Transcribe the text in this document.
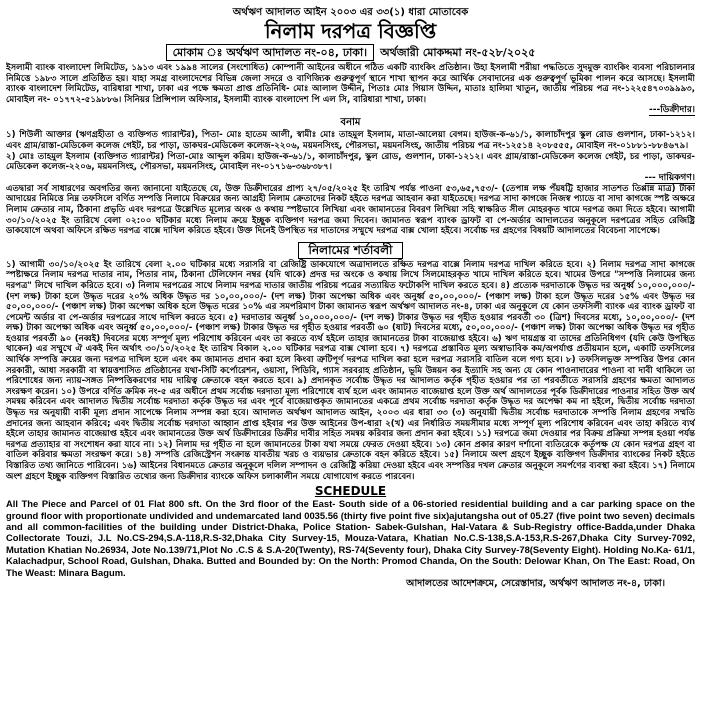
অর্থঋণ আদালত আইন ২০০৩ এর ৩৩(১) ধারা মোতাবেক
নিলাম দরপত্র বিজ্ঞপ্তি
মোকাম ঃ অর্থঋণ আদালত নং-০৪, ঢাকা।	অর্থজারী মোকদ্দমা নং-৫২৮/২০২৫

ইসলামী ব্যাংক বাংলাদেশ লিমিটেড, ১৯১৩ এবং ১৯৯৪ সালের (সংশোধিত) কোম্পানী আইনের অধীনে গঠিত একটি ব্যাংকিং প্রতিষ্ঠান। উহা ইসলামী শরীয়া পদ্ধতিতে সুদমুক্ত ব্যাংকিং ব্যবসা পরিচালনার নিমিত্তে ১৯৮৩ সালে প্রতিষ্ঠিত হয়। যাহা সমগ্র বাংলাদেশের বিভিন্ন জেলা সদরে ও বাণিজ্যিক গুরুত্বপূর্ণ স্থানে শাখা স্থাপন করে আর্থিক সেবাদানের এক গুরুত্বপূর্ণ ভূমিকা পালন করে আসছে। ইসলামী ব্যাংক বাংলাদেশ লিমিটেড, বারিধারা শাখা, ঢাকা এর পক্ষে ক্ষমতা প্রাপ্ত প্রতিনিধি- মোঃ আলাল উদ্দীন, পিতাঃ মোঃ গিয়াস উদ্দিন, মাতাঃ হালিমা খাতুন, জাতীয় পরিচয় পত্র নং-১২২৫৪৭০৩৯৯৯৩, মোবাইল নং- ০১৭৭২-৫১৯৮৮৬। সিনিয়র প্রিন্সিপাল অফিসার, ইসলামী ব্যাংক বাংলাদেশ পি এল সি, বারিধারা শাখা, ঢাকা।

---ডিক্রীদার।
বনাম

১) শিউলী আক্তার (ঋণগ্রহীতা ও ব্যক্তিগত গ্যারান্টর), পিতা- মোঃ হাতেম আলী, স্বামীঃ মোঃ তাহমুল ইসলাম, মাতা-আলেয়া বেগম। হাউজ-ক-৬১/১, কালাচাঁদপুর স্কুল রোড গুলশান, ঢাকা-১২১২। এবং গ্রাম/রাস্তা-মেডিকেল কলেজ গেইট, চর পাড়া, ডাকঘর-মেডিকেল কলেজ-২২০৬, ময়মনসিংহ, পৌরসভা, ময়মনসিংহ, জাতীয় পরিচয় পত্র নং-১২৫১৪ ২০৮৫৫৫, মোবাইল নং-০১৮৮১-৮৮৪৬৭৯।

২) মোঃ তাহমুল ইসলাম (ব্যক্তিগত গ্যারান্টর) পিতা-মোঃ আব্দুল করিম। হাউজ-ক-৬১/১, কালাচাঁদপুর, স্কুল রোড, গুলশান, ঢাকা-১২১২। এবং গ্রাম/রাস্তা-মেডিকেল কলেজ গেইট, চর পাড়া, ডাকঘর-মেডিকেল কলেজ-২২০৬, ময়মনসিংহ, পৌরসভা, ময়মনসিংহ, মোবাইল নং-০১৭১৬-৩৬৮৩৮৭।

--- দায়িকগণ।

এতদ্বারা সর্ব সাধারণের অবগতির জন্য জানানো যাইতেছে যে, উক্ত ডিক্রীদারের প্রাপ্য ২৭/০৫/২০২৫ ইং তারিখ পর্যন্ত পাওনা ৫৩,৬৫,৭৫৩/- (তেপান্ন লক্ষ পঁয়ষট্টি হাজার সাতশত তিপ্পান্ন মাত্র) টাকা আদায়ের নিমিত্তে নিম্ন তফসিলে বর্ণিত সম্পত্তি নিলামে বিক্রয়ের জন্য আগ্রহী নিলাম ক্রেতাদের নিকট হইতে দরপত্র আহবান করা যাইতেছে। দরপত্র সাদা কাগজে নিজস্ব প্যাডে বা সাদা কাগজে স্পষ্ট অক্ষরে নিলাম ক্রেতার নাম, ঠিকানা প্রভৃতি এবং দরপত্রে উল্লেখিত মূল্যের অংক ও কথায় স্পষ্টভাবে লিখিয়া এবং জামানতের বিবরণ লিখিয়া সহি স্বাক্ষরিত সীল মোহরকৃত খামে দরপত্র জমা দিতে হইবে। আগামী ৩০/১০/২০২৫ ইং তারিখে বেলা ০২:০০ ঘটিকার মধ্যে নিলাম ক্রয়ে ইচ্ছুক ব্যক্তিগণ দরপত্র জমা দিবেন। জামানত স্বরূপ ব্যাংক ড্রাফট বা পে-অর্ডার আদালতের অনুকূলে দরপত্রের সহিত রেজিষ্ট্রি ডাকযোগে অথবা অফিসে রক্ষিত দরপত্র বাক্সে দাখিল করিতে হইবে। উক্ত দিনেই উপস্থিত দর দাতাদের সম্মুখে দরপত্র বাক্স খোলা হইবে। সর্বোচ্চ দর গ্রহণের বিষয়টি আদালতের বিবেচনা সাপেক্ষে।

নিলামের শর্তাবলী

১) আগামী ৩০/১০/২০২৫ ইং তারিখে বেলা ২.০০ ঘটিকার মধ্যে সরাসরি বা রেজিষ্ট্রি ডাকযোগে অত্রাদালতে রক্ষিত দরপত্র বাক্সে নিলাম দরপত্র দাখিল করিতে হবে। ২) নিলাম দরপত্র সাদা কাগজে স্পষ্টাক্ষরে নিলাম দরপত্র দাতার নাম, পিতার নাম, ঠিকানা টেলিফোন নম্বর (যদি থাকে) প্রদত্ত দর অংকে ও কথায় লিখে সিলমোহরকৃত খামে দাখিল করিতে হবে। খামের উপরে "সম্পত্তি নিলামের জন্য দরপত্র" লিখে দাখিল করিতে হবে। ৩) নিলাম দরপত্রের সাথে নিলাম দরপত্র দাতার জাতীয় পরিচয় পত্রের সত্যায়িত ফটোকপি দাখিল করতে হবে। ৪) প্রত্যেক দরদাতাকে উদ্ধৃত দর অনুর্ধ্ব ১০,০০০,০০০/- (দশ লক্ষ) টাকা হলে উদ্ধৃত দরের ২০% অধিক উদ্ধৃত দর ১০,০০,০০০/- (দশ লক্ষ) টাকা অপেক্ষা অধিক এবং অনুর্ধ্ব ৫০,০০,০০০/- (পঞ্চাশ লক্ষ) টাকা হলে উদ্ধৃত দরের ১৫% এবং উদ্ধৃত দর ৫০,০০,০০০/- (পঞ্চাশ লক্ষ) টাকা অপেক্ষা অধিক হলে উদ্ধৃত দরের ১০% এর সমপরিমাণ টাকা জামানত স্বরূপ অর্থঋণ আদালত নং-৪, ঢাকা এর অনুকূলে যে কোন তফসিলী ব্যাংক এর ব্যাংক ড্রাফট বা পেমেন্ট অর্ডার বা পে-অর্ডার দরপত্রের সাথে দাখিল করতে হবে। ৫) দরদাতার অনুর্ধ্ব ১০,০০০,০০০/- (দশ লক্ষ) টাকার উদ্ধৃত দর গৃহীত হওয়ার পরবর্তী ৩০ (ত্রিশ) দিবসের মধ্যে, ১০,০০,০০০/- (দশ লক্ষ) টাকা অপেক্ষা অধিক এবং অনুর্ধ্ব ৫০,০০,০০০/- (পঞ্চাশ লক্ষ) টাকার উদ্ধৃত দর গৃহীত হওয়ার পরবর্তী ৬০ (ষাট) দিবসের মধ্যে, ৫০,০০,০০০/- (পঞ্চাশ লক্ষ) টাকা অপেক্ষা অধিক উদ্ধৃত দর গৃহীত হওয়ার পরবর্তী ৯০ (নব্বই) দিবসের মধ্যে সম্পূর্ণ মূল্য পরিশোধ করিবেন এবং তা করতে ব্যর্থ হইলে তাহার জামানতের টাকা বাজেয়াপ্ত হইবে। ৬) ঋণ দায়গ্রস্ত বা তাদের প্রতিনিধিগণ (যদি কেউ উপস্থিত থাকেন) এর সম্মুখে ঐ একই দিন অর্থাৎ ৩০/১০/২০২৫ ইং তারিখ বিকাল ২.০০ ঘটিকার দরপত্র বাক্স খোলা হবে। ৭) দরপত্রে প্রস্তাবিত মূল্য অস্বাভাবিক কম/অপর্যাপ্ত প্রতীয়মান হলে, একাটি তফসিলের আর্থিক সম্পত্তি ক্রয়ের জন্য দরপত্র দাখিল হলে এবং কম জামানত প্রদান করা হলে কিংবা ত্রুটিপূর্ণ দরপত্র দাখিল করা হলে দরপত্র সরাসরি বাতিল বলে গণ্য হবে। ৮) তফসিলভুক্ত সম্পত্তির উপর কোন সরকারী, আধা সরকারী বা স্বায়ত্তশাসিত প্রতিষ্ঠানের যথা-সিটি কর্পোরেশন, ওয়াসা, পিডিবি, গ্যাস সরবরাহ প্রতিষ্ঠান, ভূমি উন্নয়ন কর ইত্যাদি সহ অন্য যে কোন পাওনাদারের পাওনা বা দাবী থাকিলে তা পরিশোধের জন্য ন্যায়-সঙ্গত নিষ্পত্তিকরণের দায় দায়িত্ব ক্রেতাকে বহন করতে হবে। ৯) প্রদানকৃত সর্বোচ্চ উদ্ধৃত দর আদালত কর্তৃক গৃহীত হওয়ার পর তা পরবর্তীতে সরাসরি গ্রহণের ক্ষমতা আদালত সংরক্ষণ করেন। ১০) উপরে বর্ণিত ক্রমিক নং-৫ এর অধীনে প্রথম সর্বোচ্চ দরদাতা মূল্য পরিশোধে ব্যর্থ হলে এবং জামানত বাজেয়াপ্ত হলে উক্ত অর্থ আদালতের পূর্বক ডিক্রীদারের পাওনার সহিত উক্ত অর্থ সমন্বয় করিবেন এবং আদালত দ্বিতীয় সর্বোচ্চ দরদাতা কর্তৃক উদ্ধৃত দর এবং পূর্বে বাজেয়াপ্তকৃত জামানতের একত্রে প্রথম সর্বোচ্চ দরদাতা কর্তৃক উদ্ধৃত দর অপেক্ষা কম না হইলে, দ্বিতীয় সর্বোচ্চ দরদাতা উদ্ধৃত দর অনুযায়ী বাকী মূল্য প্রদান সাপেক্ষে নিলাম সম্পন্ন করা হবে। আদালত অর্থঋণ আদালত আইন, ২০০৩ এর ধারা ৩৩ (৩) অনুযায়ী দ্বিতীয় সর্বোচ্চ দরদাতাকে সম্পত্তি নিলাম গ্রহণের সম্মতি প্রদানের জন্য আহবান করিবে; এবং দ্বিতীয় সর্বোচ্চ দরদাতা আহ্বান প্রাপ্ত হইবার পর উক্ত আইনের উপ-ধারা ২(খ) এর নির্ধারিত সময়সীমার মধ্যে সম্পূর্ণ মূল্য পরিশোধ করিবেন এবং তাহা করিতে ব্যর্থ হইলে তাহার জামানত বাজেয়াপ্ত হইবে এবং জামানতের উক্ত অর্থ ডিক্রীদারের ডিক্রীর দাবীর সহিত সমন্বয় করিবার জন্য প্রদান করা হইবে। ১১) দরপত্রে জমা দেওয়ার পর বিক্রয় প্রক্রিয়া সম্পন্ন হওয়া পর্যন্ত দরপত্র প্রত্যাহার বা সংশোধন করা যাবে না। ১২) নিলাম দর গৃহীত না হলে জামানতের টাকা যথা সময়ে ফেরত দেওয়া হইবে। ১৩) কোন প্রকার কারণ দর্শানো ব্যতিরেকে কর্তৃপক্ষ যে কোন দরপত্র গ্রহণ বা বাতিল করিবার ক্ষমতা সংরক্ষণ করে। ১৪) সম্পত্তি রেজিস্ট্রেশন সংক্রান্ত যাবতীয় খরচ ও ব্যয়ভার ক্রেতাকে বহন করিতে হইবে। ১৫) নিলামে অংশ গ্রহণে ইচ্ছুক ব্যক্তিগণ ডিক্রীদার ব্যাংকের নিকট হইতে বিস্তারিত তথ্য জানিতে পারিবেন। ১৬) আইনের বিধানমতে ক্রেতার অনুকূলে দলিল সম্পাদন ও রেজিষ্ট্রি করিয়া দেওয়া হইবে এবং সম্পত্তির দখল ক্রেতার অনুকূলে সমর্পণের ব্যবস্থা করা হইবে। ১৭) নিলামে অংশ গ্রহণে ইচ্ছুক ব্যক্তিগণ বিস্তারিত তথ্যের জন্য ডিক্রীদার ব্যাংকে অফিস চলাকালীন সময়ে যোগাযোগ করতে পারবেন।

SCHEDULE

All The Piece and Parcel of 01 Flat 800 sft. On the 3rd floor of the East- South side of a 06-storied residential building and a car parking space on the ground floor with proportionate undivided and undemarcated land 0035.56 (thirty five point five six)ajutangsha out of 05.27 (five point two seven) decimals and all common-facilities of the building under District-Dhaka, Police Station- Sabek-Gulshan, Hal-Vatara & Sub-Registry office-Badda,under Dhaka Collectorate Touzi, J.L No.CS-294,S.A-118,R.S-32,Dhaka City Survey-15, Mouza-Vatara, Khatian No.C.S-138,S.A-153,R.S-267,Dhaka City Survey-7092, Mutation Khatian No.26934, Jote No.139/71,Plot No .C.S & S.A-20(Twenty), RS-74(Seventy four), Dhaka City Survey-78(Seventy Eight). Holding No.Ka- 61/1, Kalachadpur, School Road, Gulshan, Dhaka. Butted and Bounded by: On the North: Promod Chanda, On the South: Delowar Khan, On The East: Road, On The Weast: Minara Bagum.

আদালতের আদেশক্রমে, সেরেস্তাদার, অর্থঋণ আদালত নং-৪, ঢাকা।
